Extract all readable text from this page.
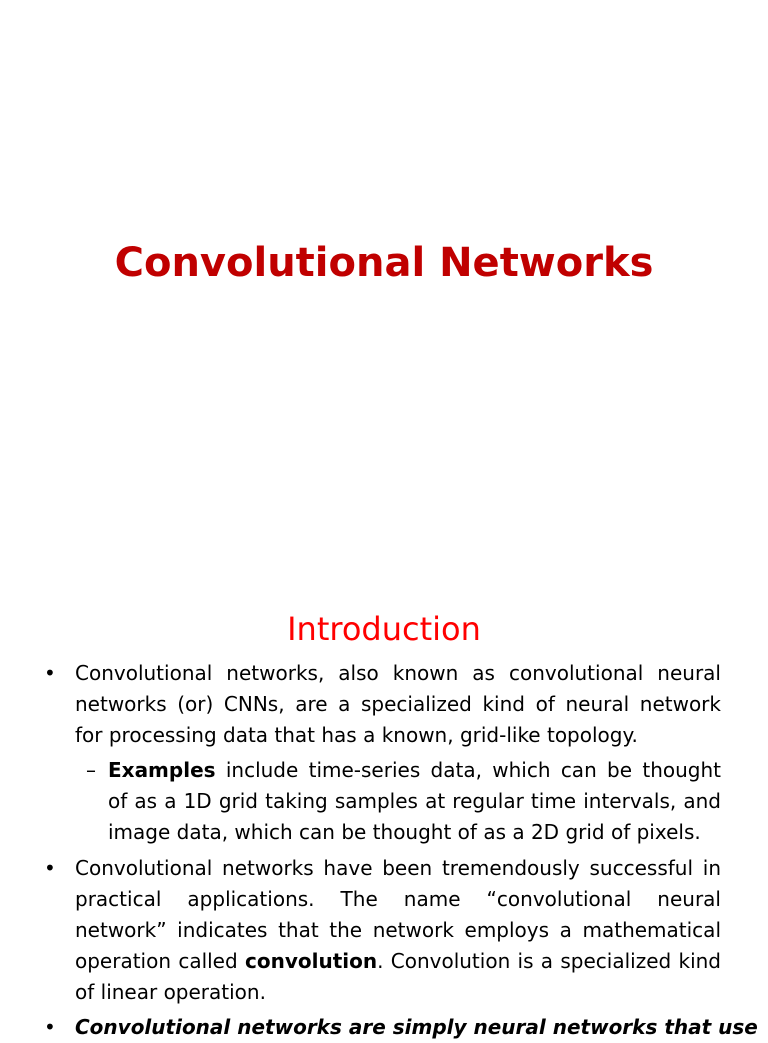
Convolutional Networks
Introduction
• Convolutional networks, also known as convolutional neural
networks (or) CNNs, are a specialized kind of neural network
for processing data that has a known, grid-like topology.

– Examples include time-series data, which can be thought
of as a 1D grid taking samples at regular time intervals, and
image data, which can be thought of as a 2D grid of pixels.

• Convolutional networks have been tremendously successful in
practical applications. The name “convolutional neural
network” indicates that the network employs a mathematical
operation called convolution. Convolution is a specialized kind
of linear operation.

• Convolutional networks are simply neural networks that use
